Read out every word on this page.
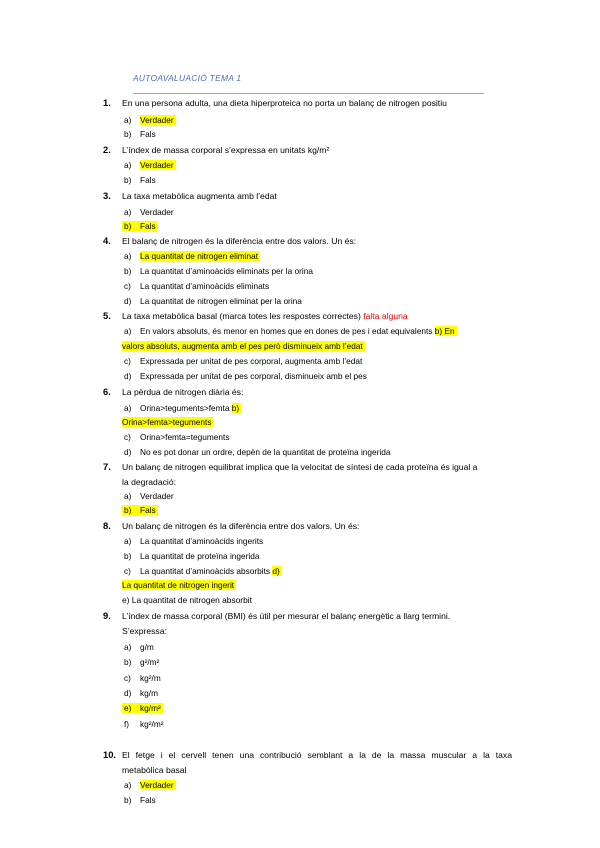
AUTOAVALUACIÓ TEMA 1
1. En una persona adulta, una dieta hiperproteica no porta un balanç de nitrogen positiu
a) Verdader
b) Fals
2. L’índex de massa corporal s’expressa en unitats kg/m²
a) Verdader
b) Fals
3. La taxa metabòlica augmenta amb l’edat
a) Verdader
b) Fals
4. El balanç de nitrogen és la diferència entre dos valors. Un és:
a) La quantitat de nitrogen eliminat
b) La quantitat d’aminoàcids eliminats per la orina
c) La quantitat d’aminoàcids eliminats
d) La quantitat de nitrogen eliminat per la orina
5. La taxa metabòlica basal (marca totes les respostes correctes) falta alguna
a) En valors absoluts, és menor en homes que en dones de pes i edat equivalents b) En
valors absoluts, augmenta amb el pes però disminueix amb l’edat
c) Expressada per unitat de pes corporal, augmenta amb l’edat
d) Expressada per unitat de pes corporal, disminueix amb el pes
6. La pèrdua de nitrogen diària és:
a) Orina>teguments>femta b)
Orina>femta>teguments
c) Orina>femta=teguments
d) No es pot donar un ordre, depèn de la quantitat de proteïna ingerida
7. Un balanç de nitrogen equilibrat implica que la velocitat de síntesi de cada proteïna és igual a
la degradació:
a) Verdader
b) Fals
8. Un balanç de nitrogen és la diferència entre dos valors. Un és:
a) La quantitat d’aminoàcids ingerits
b) La quantitat de proteïna ingerida
c) La quantitat d’aminoàcids absorbits d)
La quantitat de nitrogen ingerit
e) La quantitat de nitrogen absorbit
9. L’índex de massa corporal (BMI) és útil per mesurar el balanç energètic a llarg termini.
S’expressa:
a) g/m
b) g²/m²
c) kg²/m
d) kg/m
e) kg/m²
f) kg²/m²
10. El fetge i el cervell tenen una contribució semblant a la de la massa muscular a la taxa
metabòlica basal
a) Verdader
b) Fals
